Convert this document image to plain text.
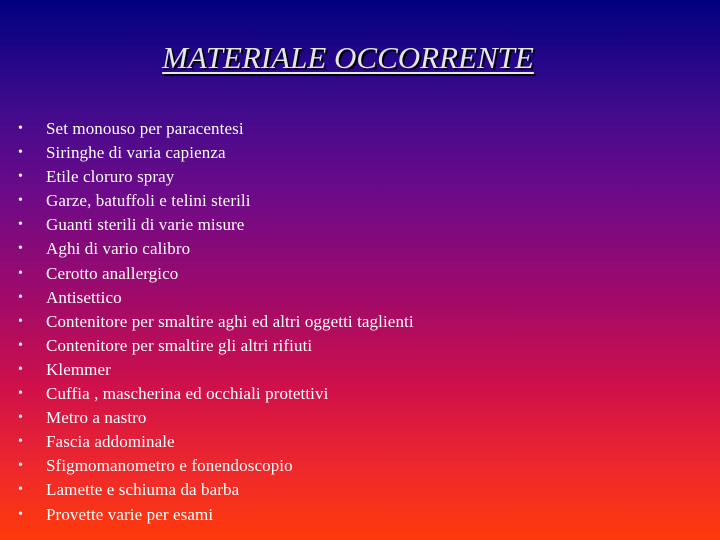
MATERIALE OCCORRENTE
•	Set monouso per paracentesi
•	Siringhe di varia capienza
•	Etile cloruro spray
•	Garze, batuffoli e telini sterili
•	Guanti sterili di varie misure
•	Aghi di vario calibro
•	Cerotto anallergico
•	Antisettico
•	Contenitore per smaltire aghi ed altri oggetti taglienti
•	Contenitore per smaltire gli altri rifiuti
•	Klemmer
•	Cuffia , mascherina ed occhiali protettivi
•	Metro a nastro
•	Fascia addominale
•	Sfigmomanometro e fonendoscopio
•	Lamette e schiuma da barba
•	Provette varie per esami
